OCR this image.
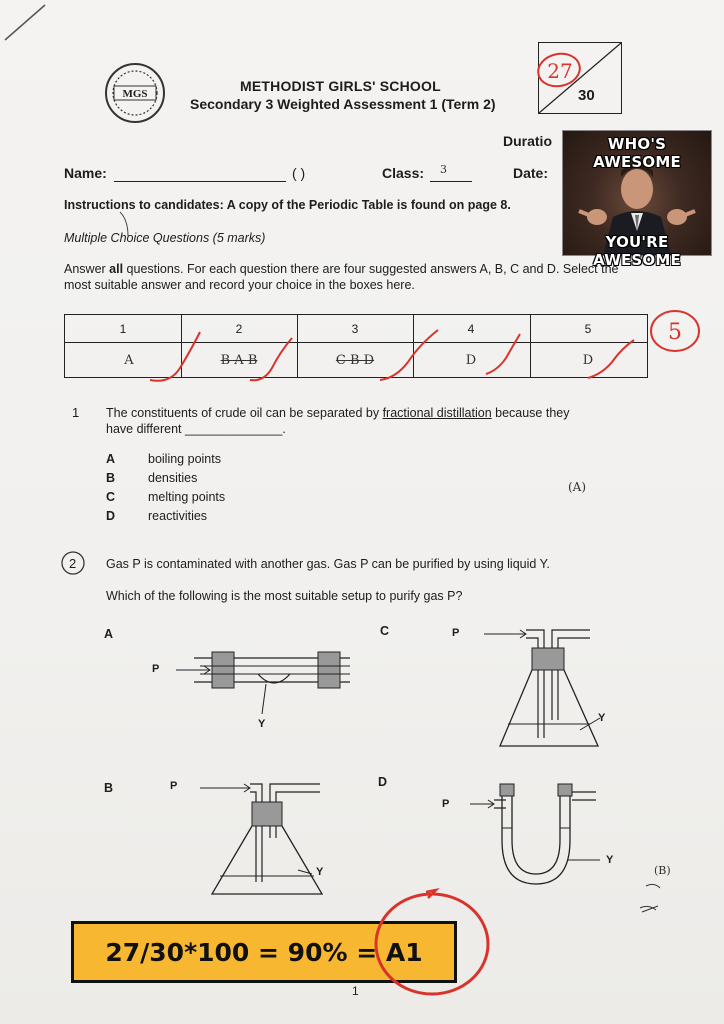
MGS	METHODIST GIRLS' SCHOOL
Secondary 3 Weighted Assessment 1 (Term 2)
27
30
Duratio	WHO'S AWESOME
YOU'RE AWESOME
Name:	( )	Class: 3	Date:
Instructions to candidates: A copy of the Periodic Table is found on page 8.
Multiple Choice Questions (5 marks)
Answer all questions. For each question there are four suggested answers A, B, C and D. Select the most suitable answer and record your choice in the boxes here.
1	2	3	4	5
A	B A B	C B D	D	D
5
1 The constituents of crude oil can be separated by fractional distillation because they
have different ______________.
A	boiling points
B	densities
C	melting points
D	reactivities
(A)
2 Gas P is contaminated with another gas. Gas P can be purified by using liquid Y.
Which of the following is the most suitable setup to purify gas P?
A	C
B	D
P
Y
P
Y
P
Y
P
Y
(B)
27/30*100 = 90% = A1
1
